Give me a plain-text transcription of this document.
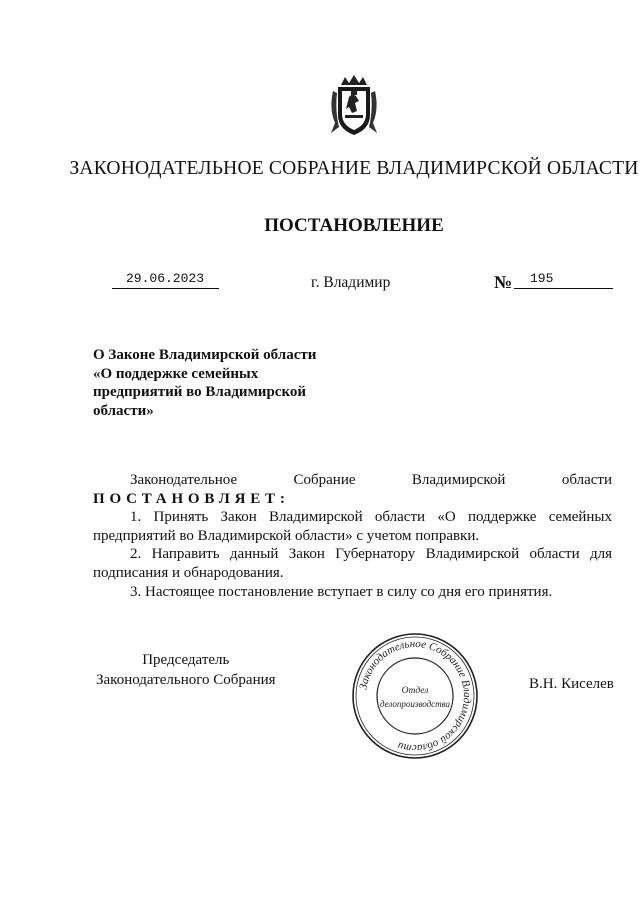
ЗАКОНОДАТЕЛЬНОЕ СОБРАНИЕ ВЛАДИМИРСКОЙ ОБЛАСТИ
ПОСТАНОВЛЕНИЕ
29.06.2023	г. Владимир	№ 195
О Законе Владимирской области
«О поддержке семейных
предприятий во Владимирской
области»
Законодательное	Собрание	Владимирской	области
ПОСТАНОВЛЯЕТ:

1. Принять Закон Владимирской области «О поддержке семейных

предприятий во Владимирской области» с учетом поправки.

2. Направить данный Закон Губернатору Владимирской области для

подписания и обнародования.

3. Настоящее постановление вступает в силу со дня его принятия.

Председатель
Законодательного Собрания	Законодательное Собрание Владимирской области
Отдел
делопроизводства
В.Н. Киселев
